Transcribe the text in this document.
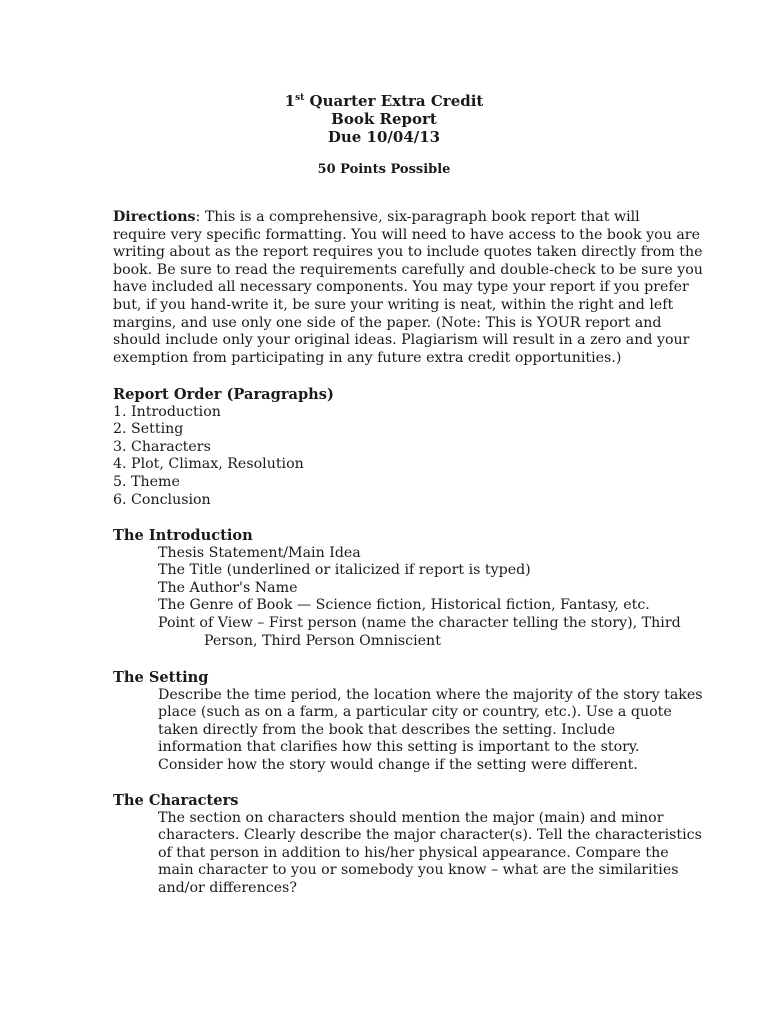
1st Quarter Extra Credit
Book Report
Due 10/04/13
50 Points Possible
Directions: This is a comprehensive, six-paragraph book report that will
require very specific formatting. You will need to have access to the book you are
writing about as the report requires you to include quotes taken directly from the
book. Be sure to read the requirements carefully and double-check to be sure you
have included all necessary components. You may type your report if you prefer
but, if you hand-write it, be sure your writing is neat, within the right and left
margins, and use only one side of the paper. (Note: This is YOUR report and
should include only your original ideas. Plagiarism will result in a zero and your
exemption from participating in any future extra credit opportunities.)
Report Order (Paragraphs)
1. Introduction
2. Setting
3. Characters
4. Plot, Climax, Resolution
5. Theme
6. Conclusion
The Introduction
Thesis Statement/Main Idea
The Title (underlined or italicized if report is typed)
The Author's Name
The Genre of Book — Science fiction, Historical fiction, Fantasy, etc.
Point of View – First person (name the character telling the story), Third
Person, Third Person Omniscient
The Setting
Describe the time period, the location where the majority of the story takes
place (such as on a farm, a particular city or country, etc.). Use a quote
taken directly from the book that describes the setting. Include
information that clarifies how this setting is important to the story.
Consider how the story would change if the setting were different.
The Characters
The section on characters should mention the major (main) and minor
characters. Clearly describe the major character(s). Tell the characteristics
of that person in addition to his/her physical appearance. Compare the
main character to you or somebody you know – what are the similarities
and/or differences?
